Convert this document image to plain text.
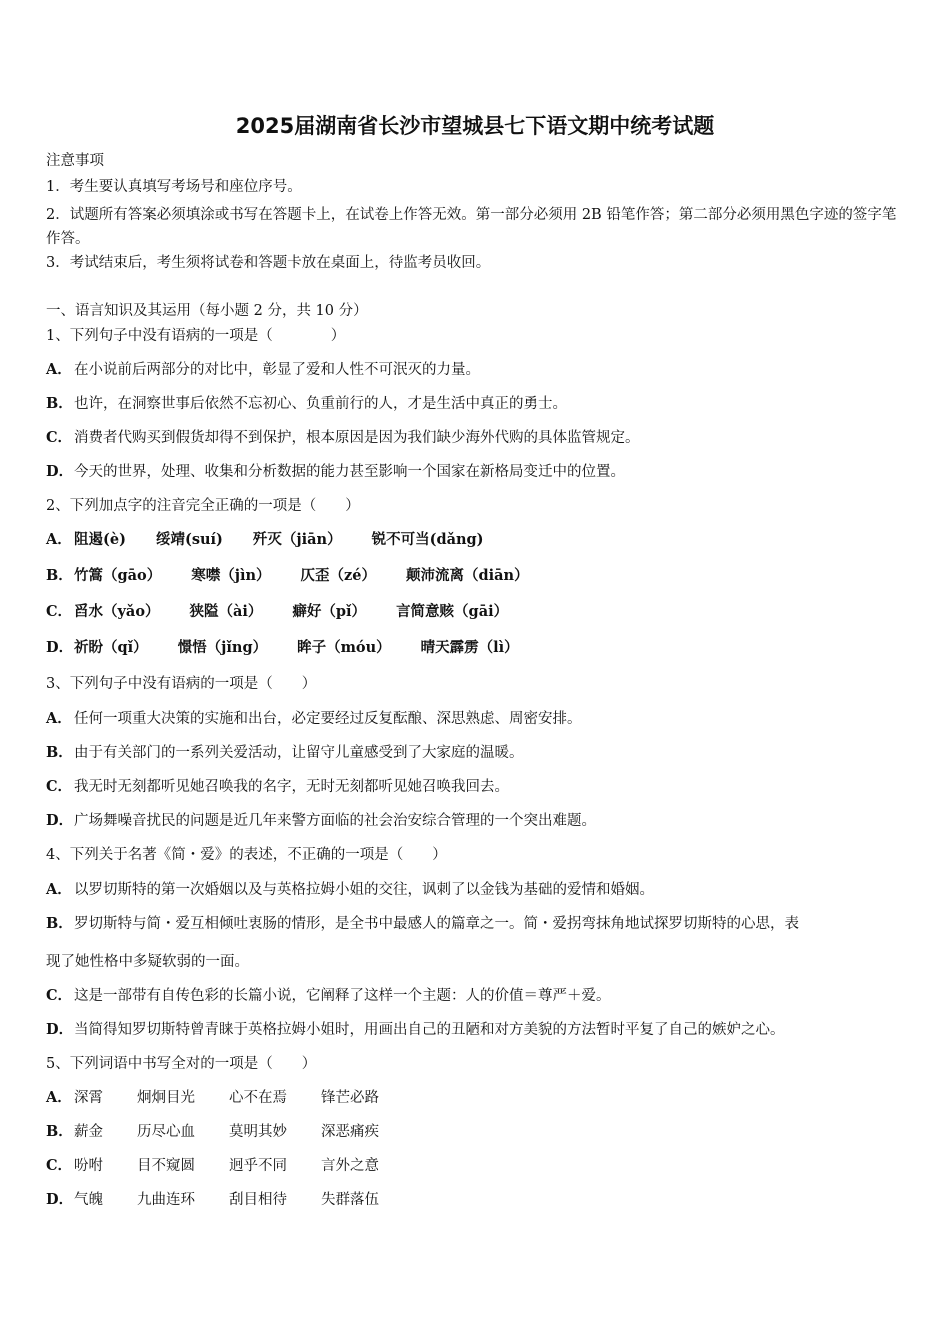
2025届湖南省长沙市望城县七下语文期中统考试题
注意事项
1．考生要认真填写考场号和座位序号。
2．试题所有答案必须填涂或书写在答题卡上，在试卷上作答无效。第一部分必须用 2B 铅笔作答；第二部分必须用黑色字迹的签字笔作答。
3．考试结束后，考生须将试卷和答题卡放在桌面上，待监考员收回。
一、语言知识及其运用（每小题 2 分，共 10 分）
1、下列句子中没有语病的一项是（　　　　）
A． 在小说前后两部分的对比中，彰显了爱和人性不可泯灭的力量。
B．也许，在洞察世事后依然不忘初心、负重前行的人，才是生活中真正的勇士。
C． 消费者代购买到假货却得不到保护，根本原因是因为我们缺少海外代购的具体监管规定。
D．今天的世界，处理、收集和分析数据的能力甚至影响一个国家在新格局变迁中的位置。
2、下列加点字的注音完全正确的一项是（　　）
A． 阻遏(è) 绥靖(suí) 歼灭（jiān） 锐不可当(dǎng)
B．竹篙（gāo） 寒噤（jìn） 仄歪（zé） 颠沛流离（diān）
C． 舀水（yǎo） 狭隘（ài） 癖好（pǐ） 言简意赅（gāi）
D．祈盼（qǐ） 憬悟（jǐng） 眸子（móu） 晴天霹雳（lì）
3、下列句子中没有语病的一项是（　　）
A． 任何一项重大决策的实施和出台，必定要经过反复酝酿、深思熟虑、周密安排。
B．由于有关部门的一系列关爱活动，让留守儿童感受到了大家庭的温暖。
C． 我无时无刻都听见她召唤我的名字，无时无刻都听见她召唤我回去。
D．广场舞噪音扰民的问题是近几年来警方面临的社会治安综合管理的一个突出难题。
4、下列关于名著《简・爱》的表述，不正确的一项是（　　）
A． 以罗切斯特的第一次婚姻以及与英格拉姆小姐的交往，讽刺了以金钱为基础的爱情和婚姻。
B．罗切斯特与简・爱互相倾吐衷肠的情形，是全书中最感人的篇章之一。简・爱拐弯抹角地试探罗切斯特的心思，表
现了她性格中多疑软弱的一面。
C． 这是一部带有自传色彩的长篇小说，它阐释了这样一个主题：人的价值＝尊严＋爱。
D．当简得知罗切斯特曾青睐于英格拉姆小姐时，用画出自己的丑陋和对方美貌的方法暂时平复了自己的嫉妒之心。
5、下列词语中书写全对的一项是（　　）
A． 深霄 炯炯目光 心不在焉 锋芒必路
B．薪金 历尽心血 莫明其妙 深恶痛疾
C． 吩咐 目不窥圆 迥乎不同 言外之意
D．气魄 九曲连环 刮目相待 失群落伍
